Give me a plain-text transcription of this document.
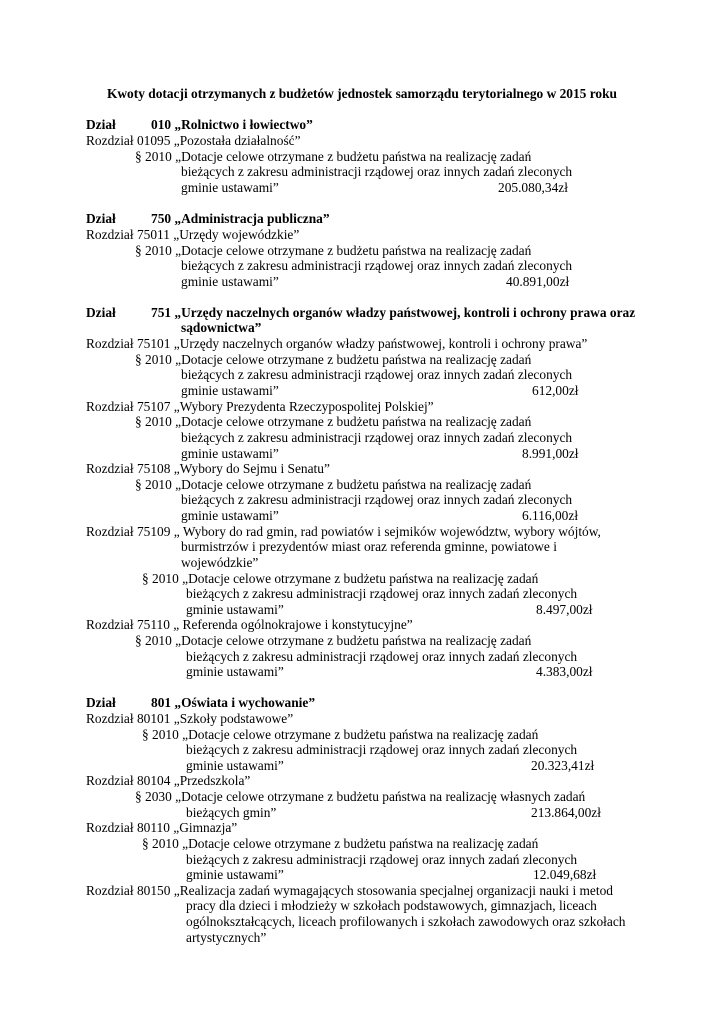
Kwoty dotacji otrzymanych z budżetów jednostek samorządu terytorialnego w 2015 roku
Dział	010 „Rolnictwo i łowiectwo”
Rozdział 01095 „Pozostała działalność”
§ 2010 „Dotacje celowe otrzymane z budżetu państwa na realizację zadań
bieżących z zakresu administracji rządowej oraz innych zadań zleconych
gminie ustawami”	205.080,34zł
Dział	750 „Administracja publiczna”
Rozdział 75011 „Urzędy wojewódzkie”
§ 2010 „Dotacje celowe otrzymane z budżetu państwa na realizację zadań
bieżących z zakresu administracji rządowej oraz innych zadań zleconych
gminie ustawami”	40.891,00zł
Dział	751 „Urzędy naczelnych organów władzy państwowej, kontroli i ochrony prawa oraz
sądownictwa”
Rozdział 75101 „Urzędy naczelnych organów władzy państwowej, kontroli i ochrony prawa”
§ 2010 „Dotacje celowe otrzymane z budżetu państwa na realizację zadań
bieżących z zakresu administracji rządowej oraz innych zadań zleconych
gminie ustawami”	612,00zł
Rozdział 75107 „Wybory Prezydenta Rzeczypospolitej Polskiej”
§ 2010 „Dotacje celowe otrzymane z budżetu państwa na realizację zadań
bieżących z zakresu administracji rządowej oraz innych zadań zleconych
gminie ustawami”	8.991,00zł
Rozdział 75108 „Wybory do Sejmu i Senatu”
§ 2010 „Dotacje celowe otrzymane z budżetu państwa na realizację zadań
bieżących z zakresu administracji rządowej oraz innych zadań zleconych
gminie ustawami”	6.116,00zł
Rozdział 75109 „ Wybory do rad gmin, rad powiatów i sejmików województw, wybory wójtów,
burmistrzów i prezydentów miast oraz referenda gminne, powiatowe i
wojewódzkie”
§ 2010 „Dotacje celowe otrzymane z budżetu państwa na realizację zadań
bieżących z zakresu administracji rządowej oraz innych zadań zleconych
gminie ustawami”	8.497,00zł
Rozdział 75110 „ Referenda ogólnokrajowe i konstytucyjne”
§ 2010 „Dotacje celowe otrzymane z budżetu państwa na realizację zadań
bieżących z zakresu administracji rządowej oraz innych zadań zleconych
gminie ustawami”	4.383,00zł
Dział	801 „Oświata i wychowanie”
Rozdział 80101 „Szkoły podstawowe”
§ 2010 „Dotacje celowe otrzymane z budżetu państwa na realizację zadań
bieżących z zakresu administracji rządowej oraz innych zadań zleconych
gminie ustawami”	20.323,41zł
Rozdział 80104 „Przedszkola”
§ 2030 „Dotacje celowe otrzymane z budżetu państwa na realizację własnych zadań
bieżących gmin”	213.864,00zł
Rozdział 80110 „Gimnazja”
§ 2010 „Dotacje celowe otrzymane z budżetu państwa na realizację zadań
bieżących z zakresu administracji rządowej oraz innych zadań zleconych
gminie ustawami”	12.049,68zł
Rozdział 80150 „Realizacja zadań wymagających stosowania specjalnej organizacji nauki i metod
pracy dla dzieci i młodzieży w szkołach podstawowych, gimnazjach, liceach
ogólnokształcących, liceach profilowanych i szkołach zawodowych oraz szkołach
artystycznych”
